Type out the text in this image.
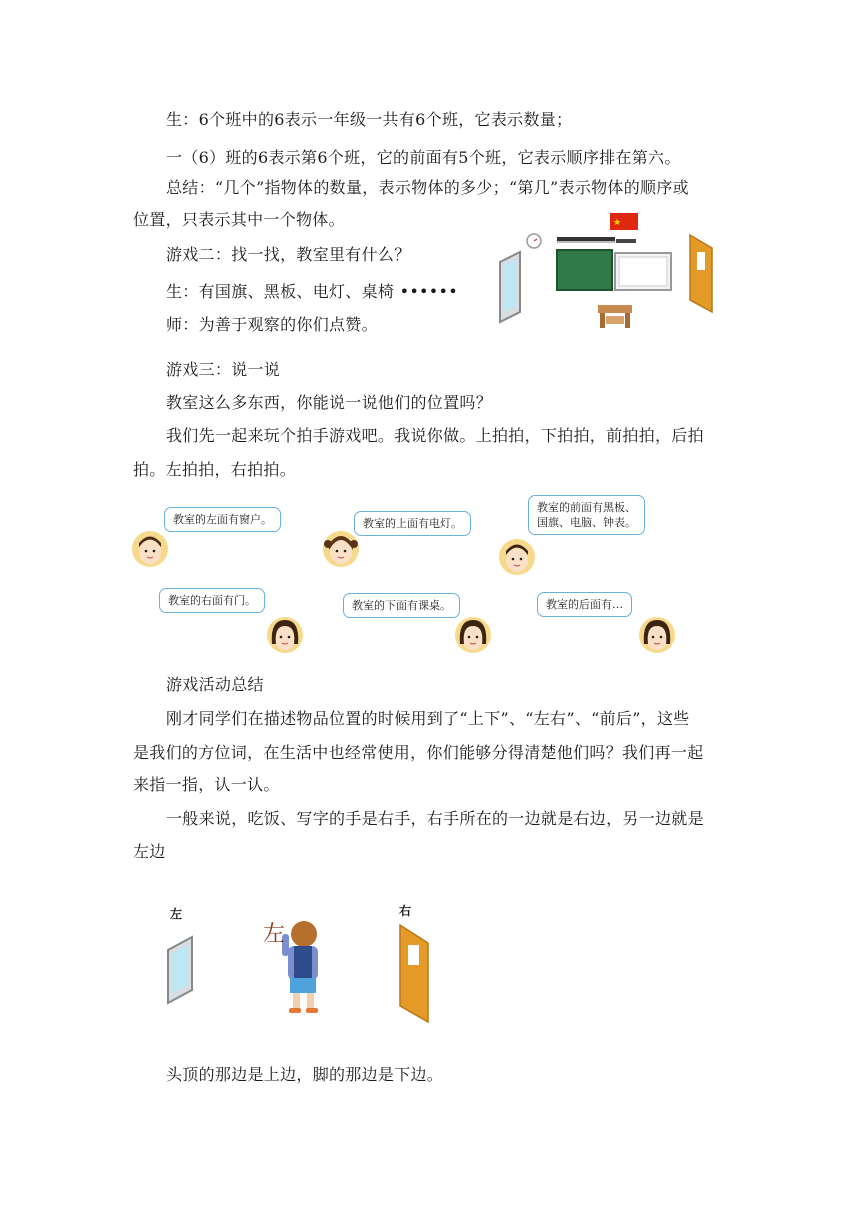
生：6个班中的6表示一年级一共有6个班，它表示数量；
一（6）班的6表示第6个班，它的前面有5个班，它表示顺序排在第六。
总结：“几个”指物体的数量，表示物体的多少；“第几”表示物体的顺序或
位置，只表示其中一个物体。
游戏二：找一找，教室里有什么？
生：有国旗、黑板、电灯、桌椅 ••••••
师：为善于观察的你们点赞。
游戏三：说一说
教室这么多东西，你能说一说他们的位置吗？
我们先一起来玩个拍手游戏吧。我说你做。上拍拍，下拍拍，前拍拍，后拍
拍。左拍拍，右拍拍。
游戏活动总结
刚才同学们在描述物品位置的时候用到了“上下”、“左右”、“前后”，这些
是我们的方位词，在生活中也经常使用，你们能够分得清楚他们吗？我们再一起
来指一指，认一认。
一般来说，吃饭、写字的手是右手，右手所在的一边就是右边，另一边就是
左边
头顶的那边是上边，脚的那边是下边。
★
教室的左面有窗户。	教室的上面有电灯。
教室的前面有黑板、
国旗、电脑、钟表。
教室的右面有门。	教室的下面有课桌。	教室的后面有…
左	右
左
